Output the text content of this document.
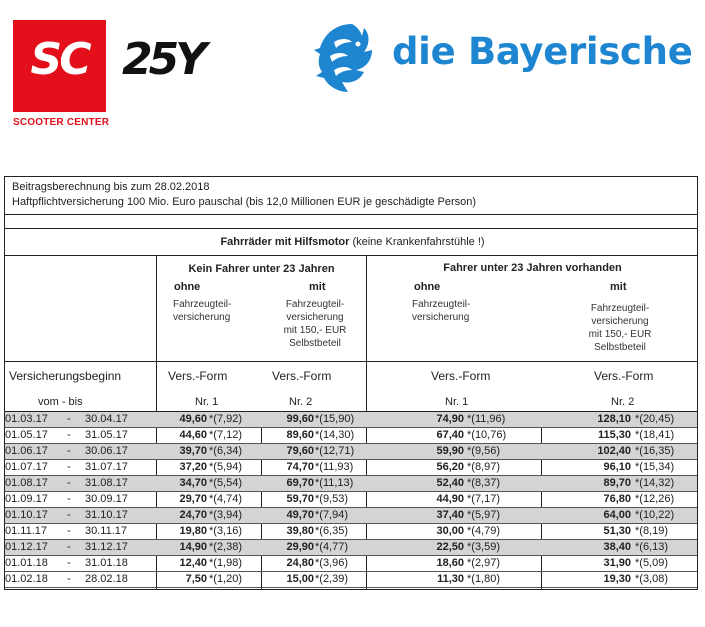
SC
SCOOTER CENTER
25Y	die Bayerische
Beitragsberechnung bis zum 28.02.2018
Haftpflichtversicherung 100 Mio. Euro pauschal (bis 12,0 Millionen EUR je geschädigte Person)
Fahrräder mit Hilfsmotor (keine Krankenfahrstühle !)
Kein Fahrer unter 23 Jahren	Fahrer unter 23 Jahren vorhanden
ohne	mit	ohne	mit
Fahrzeugteil-
versicherung
Fahrzeugteil-
versicherung
mit 150,- EUR
Selbstbeteil
Fahrzeugteil-
versicherung
Fahrzeugteil-
versicherung
mit 150,- EUR
Selbstbeteil
Versicherungsbeginn
vom - bis
Vers.-Form	Vers.-Form	Vers.-Form	Vers.-Form
Nr. 1	Nr. 2	Nr. 1	Nr. 2
01.03.17 - 30.04.17	49,60 *(7,92)	99,60 *(15,90)	74,90 *(11,96)	128,10 *(20,45)
01.05.17 - 31.05.17	44,60 *(7,12)	89,60 *(14,30)	67,40 *(10,76)	115,30 *(18,41)
01.06.17 - 30.06.17	39,70 *(6,34)	79,60 *(12,71)	59,90 *(9,56)	102,40 *(16,35)
01.07.17 - 31.07.17	37,20 *(5,94)	74,70 *(11,93)	56,20 *(8,97)	96,10 *(15,34)
01.08.17 - 31.08.17	34,70 *(5,54)	69,70 *(11,13)	52,40 *(8,37)	89,70 *(14,32)
01.09.17 - 30.09.17	29,70 *(4,74)	59,70 *(9,53)	44,90 *(7,17)	76,80 *(12,26)
01.10.17 - 31.10.17	24,70 *(3,94)	49,70 *(7,94)	37,40 *(5,97)	64,00 *(10,22)
01.11.17 - 30.11.17	19,80 *(3,16)	39,80 *(6,35)	30,00 *(4,79)	51,30 *(8,19)
01.12.17 - 31.12.17	14,90 *(2,38)	29,90 *(4,77)	22,50 *(3,59)	38,40 *(6,13)
01.01.18 - 31.01.18	12,40 *(1,98)	24,80 *(3,96)	18,60 *(2,97)	31,90 *(5,09)
01.02.18 - 28.02.18	7,50 *(1,20)	15,00 *(2,39)	11,30 *(1,80)	19,30 *(3,08)
